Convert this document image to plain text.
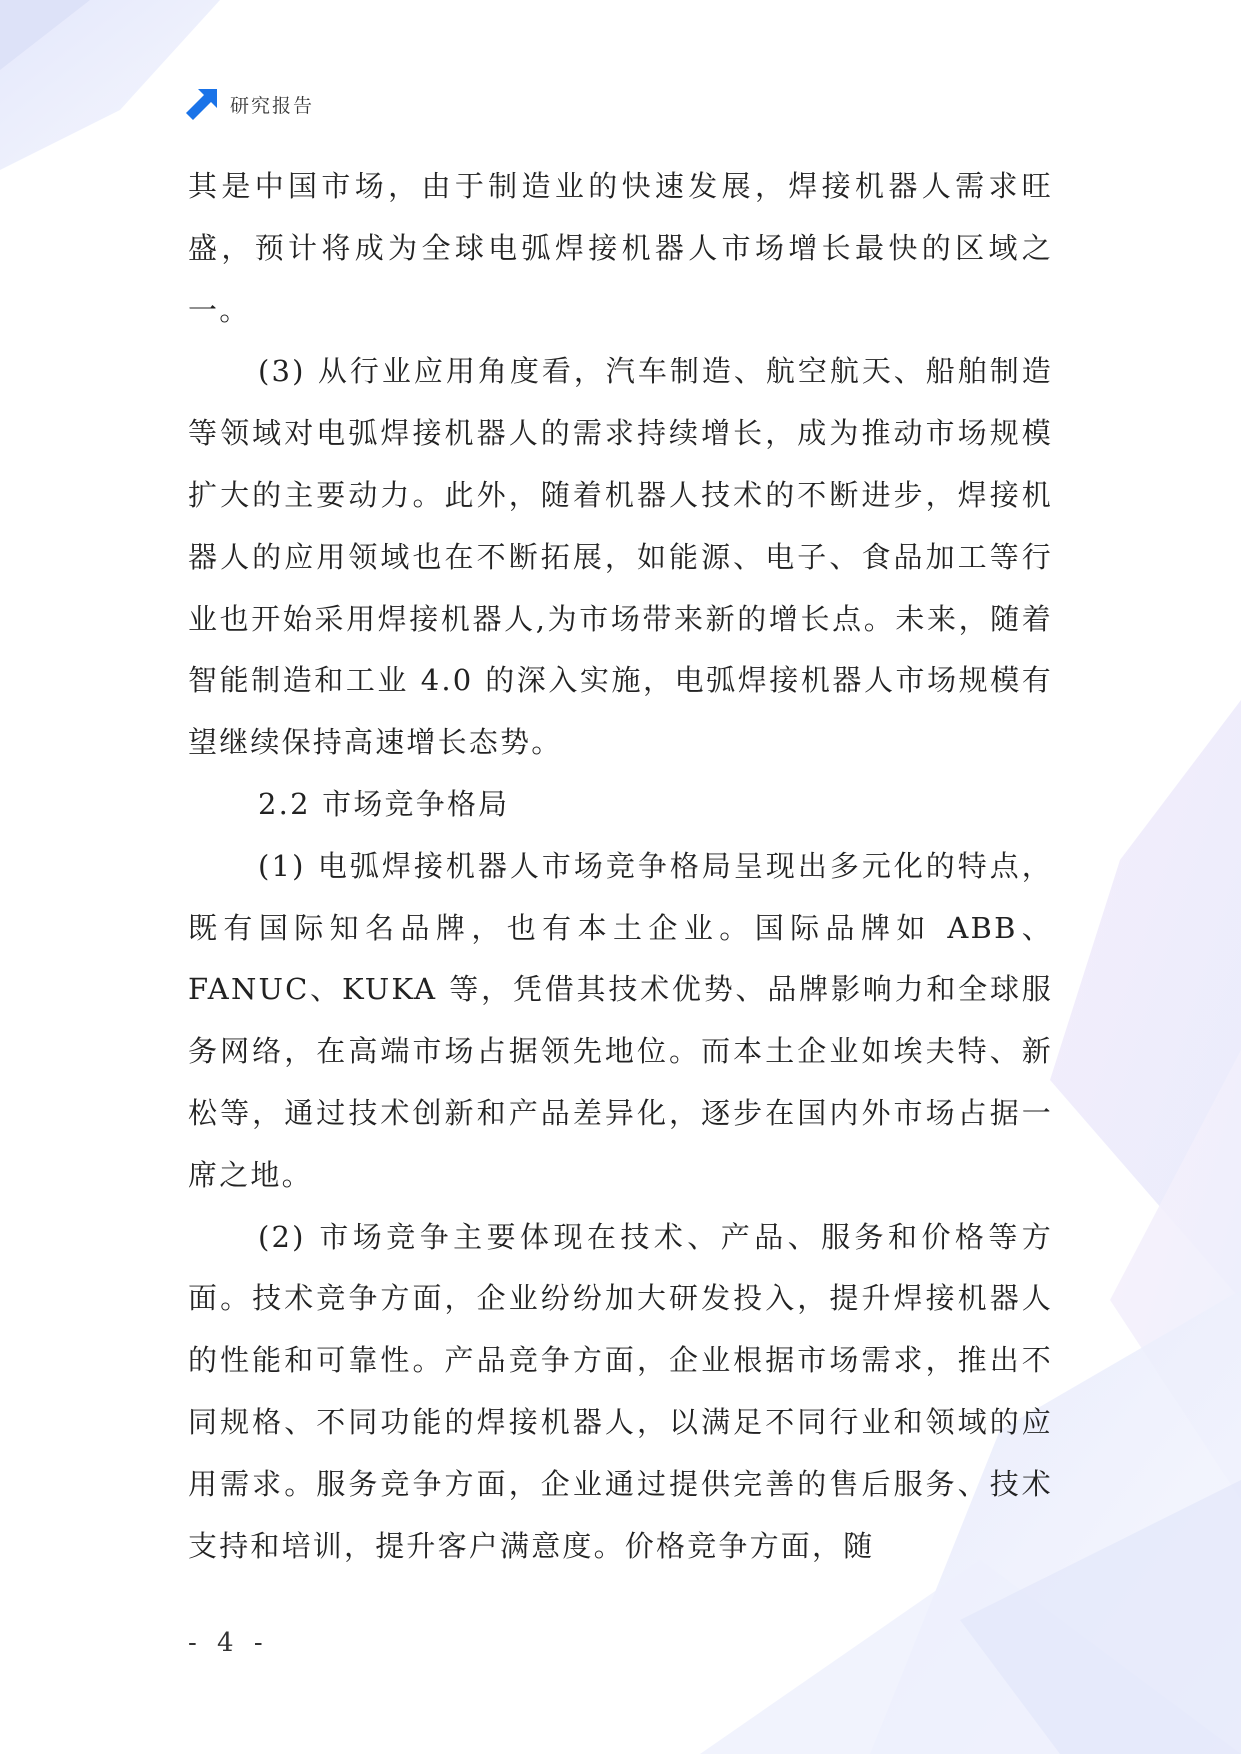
研究报告

其是中国市场，由于制造业的快速发展，焊接机器人需求旺盛，预计将成为全球电弧焊接机器人市场增长最快的区域之一。

(3) 从行业应用角度看，汽车制造、航空航天、船舶制造等领域对电弧焊接机器人的需求持续增长，成为推动市场规模扩大的主要动力。此外，随着机器人技术的不断进步，焊接机器人的应用领域也在不断拓展，如能源、电子、食品加工等行业也开始采用焊接机器人,为市场带来新的增长点。未来，随着智能制造和工业 4.0 的深入实施，电弧焊接机器人市场规模有望继续保持高速增长态势。

2.2 市场竞争格局

(1) 电弧焊接机器人市场竞争格局呈现出多元化的特点，既有国际知名品牌，也有本土企业。国际品牌如 ABB、FANUC、KUKA 等，凭借其技术优势、品牌影响力和全球服务网络，在高端市场占据领先地位。而本土企业如埃夫特、新松等，通过技术创新和产品差异化，逐步在国内外市场占据一席之地。

(2) 市场竞争主要体现在技术、产品、服务和价格等方面。技术竞争方面，企业纷纷加大研发投入，提升焊接机器人的性能和可靠性。产品竞争方面，企业根据市场需求，推出不同规格、不同功能的焊接机器人，以满足不同行业和领域的应用需求。服务竞争方面，企业通过提供完善的售后服务、技术支持和培训，提升客户满意度。价格竞争方面，随

- 4 -
